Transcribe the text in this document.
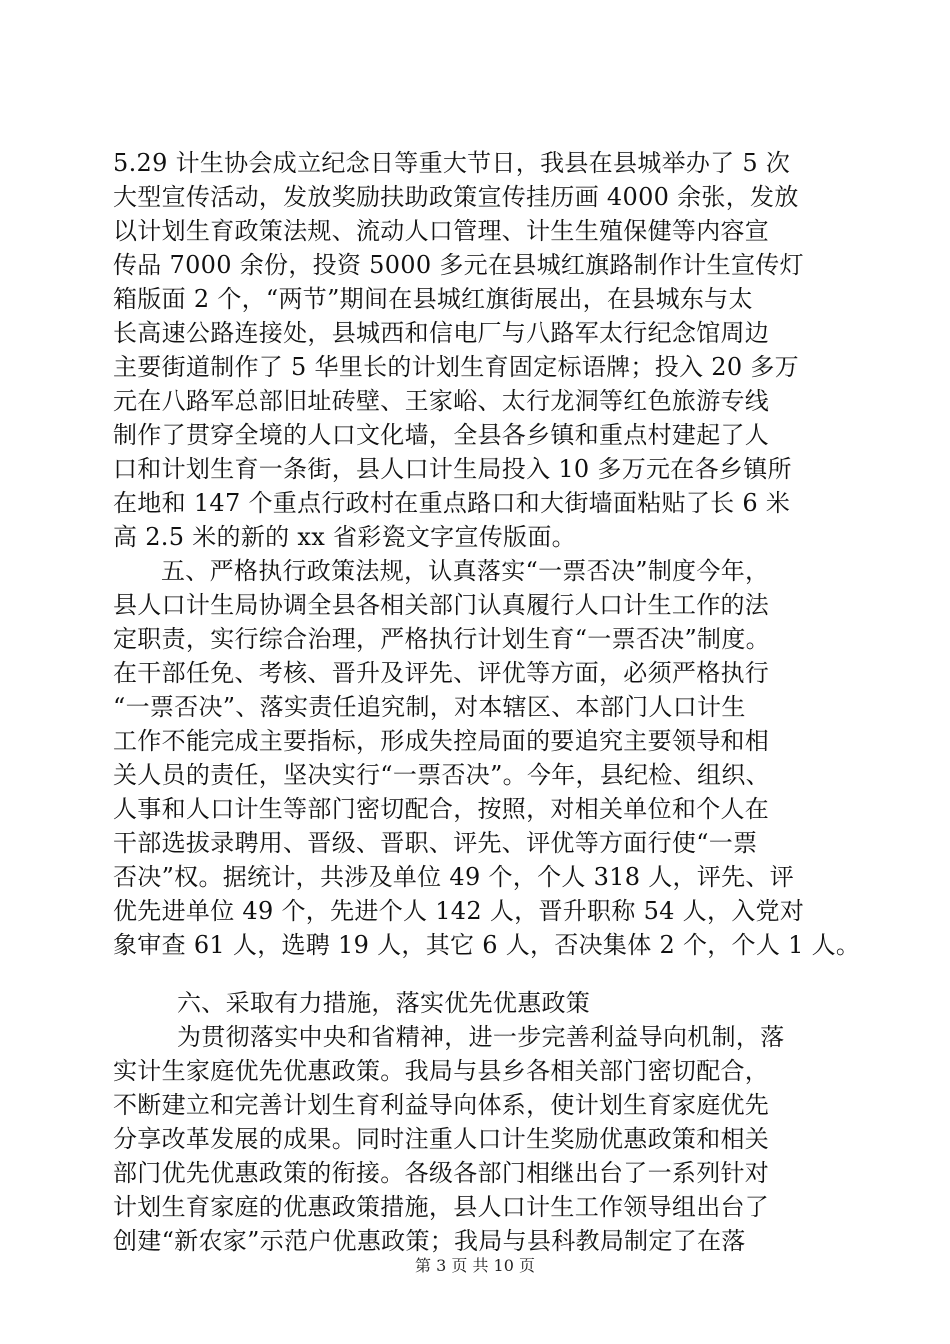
5.29 计生协会成立纪念日等重大节日，我县在县城举办了 5 次
大型宣传活动，发放奖励扶助政策宣传挂历画 4000 余张，发放
以计划生育政策法规、流动人口管理、计生生殖保健等内容宣
传品 7000 余份，投资 5000 多元在县城红旗路制作计生宣传灯
箱版面 2 个，“两节”期间在县城红旗街展出，在县城东与太
长高速公路连接处，县城西和信电厂与八路军太行纪念馆周边
主要街道制作了 5 华里长的计划生育固定标语牌；投入 20 多万
元在八路军总部旧址砖壁、王家峪、太行龙洞等红色旅游专线
制作了贯穿全境的人口文化墙，全县各乡镇和重点村建起了人
口和计划生育一条街，县人口计生局投入 10 多万元在各乡镇所
在地和 147 个重点行政村在重点路口和大街墙面粘贴了长 6 米
高 2.5 米的新的 xx 省彩瓷文字宣传版面。
五、严格执行政策法规，认真落实“一票否决”制度今年，
县人口计生局协调全县各相关部门认真履行人口计生工作的法
定职责，实行综合治理，严格执行计划生育“一票否决”制度。
在干部任免、考核、晋升及评先、评优等方面，必须严格执行
“一票否决”、落实责任追究制，对本辖区、本部门人口计生
工作不能完成主要指标，形成失控局面的要追究主要领导和相
关人员的责任，坚决实行“一票否决”。今年，县纪检、组织、
人事和人口计生等部门密切配合，按照，对相关单位和个人在
干部选拔录聘用、晋级、晋职、评先、评优等方面行使“一票
否决”权。据统计，共涉及单位 49 个，个人 318 人，评先、评
优先进单位 49 个，先进个人 142 人，晋升职称 54 人，入党对
象审查 61 人，选聘 19 人，其它 6 人，否决集体 2 个，个人 1 人。
六、采取有力措施，落实优先优惠政策
为贯彻落实中央和省精神，进一步完善利益导向机制，落
实计生家庭优先优惠政策。我局与县乡各相关部门密切配合，
不断建立和完善计划生育利益导向体系，使计划生育家庭优先
分享改革发展的成果。同时注重人口计生奖励优惠政策和相关
部门优先优惠政策的衔接。各级各部门相继出台了一系列针对
计划生育家庭的优惠政策措施，县人口计生工作领导组出台了
创建“新农家”示范户优惠政策；我局与县科教局制定了在落
第 3 页 共 10 页
